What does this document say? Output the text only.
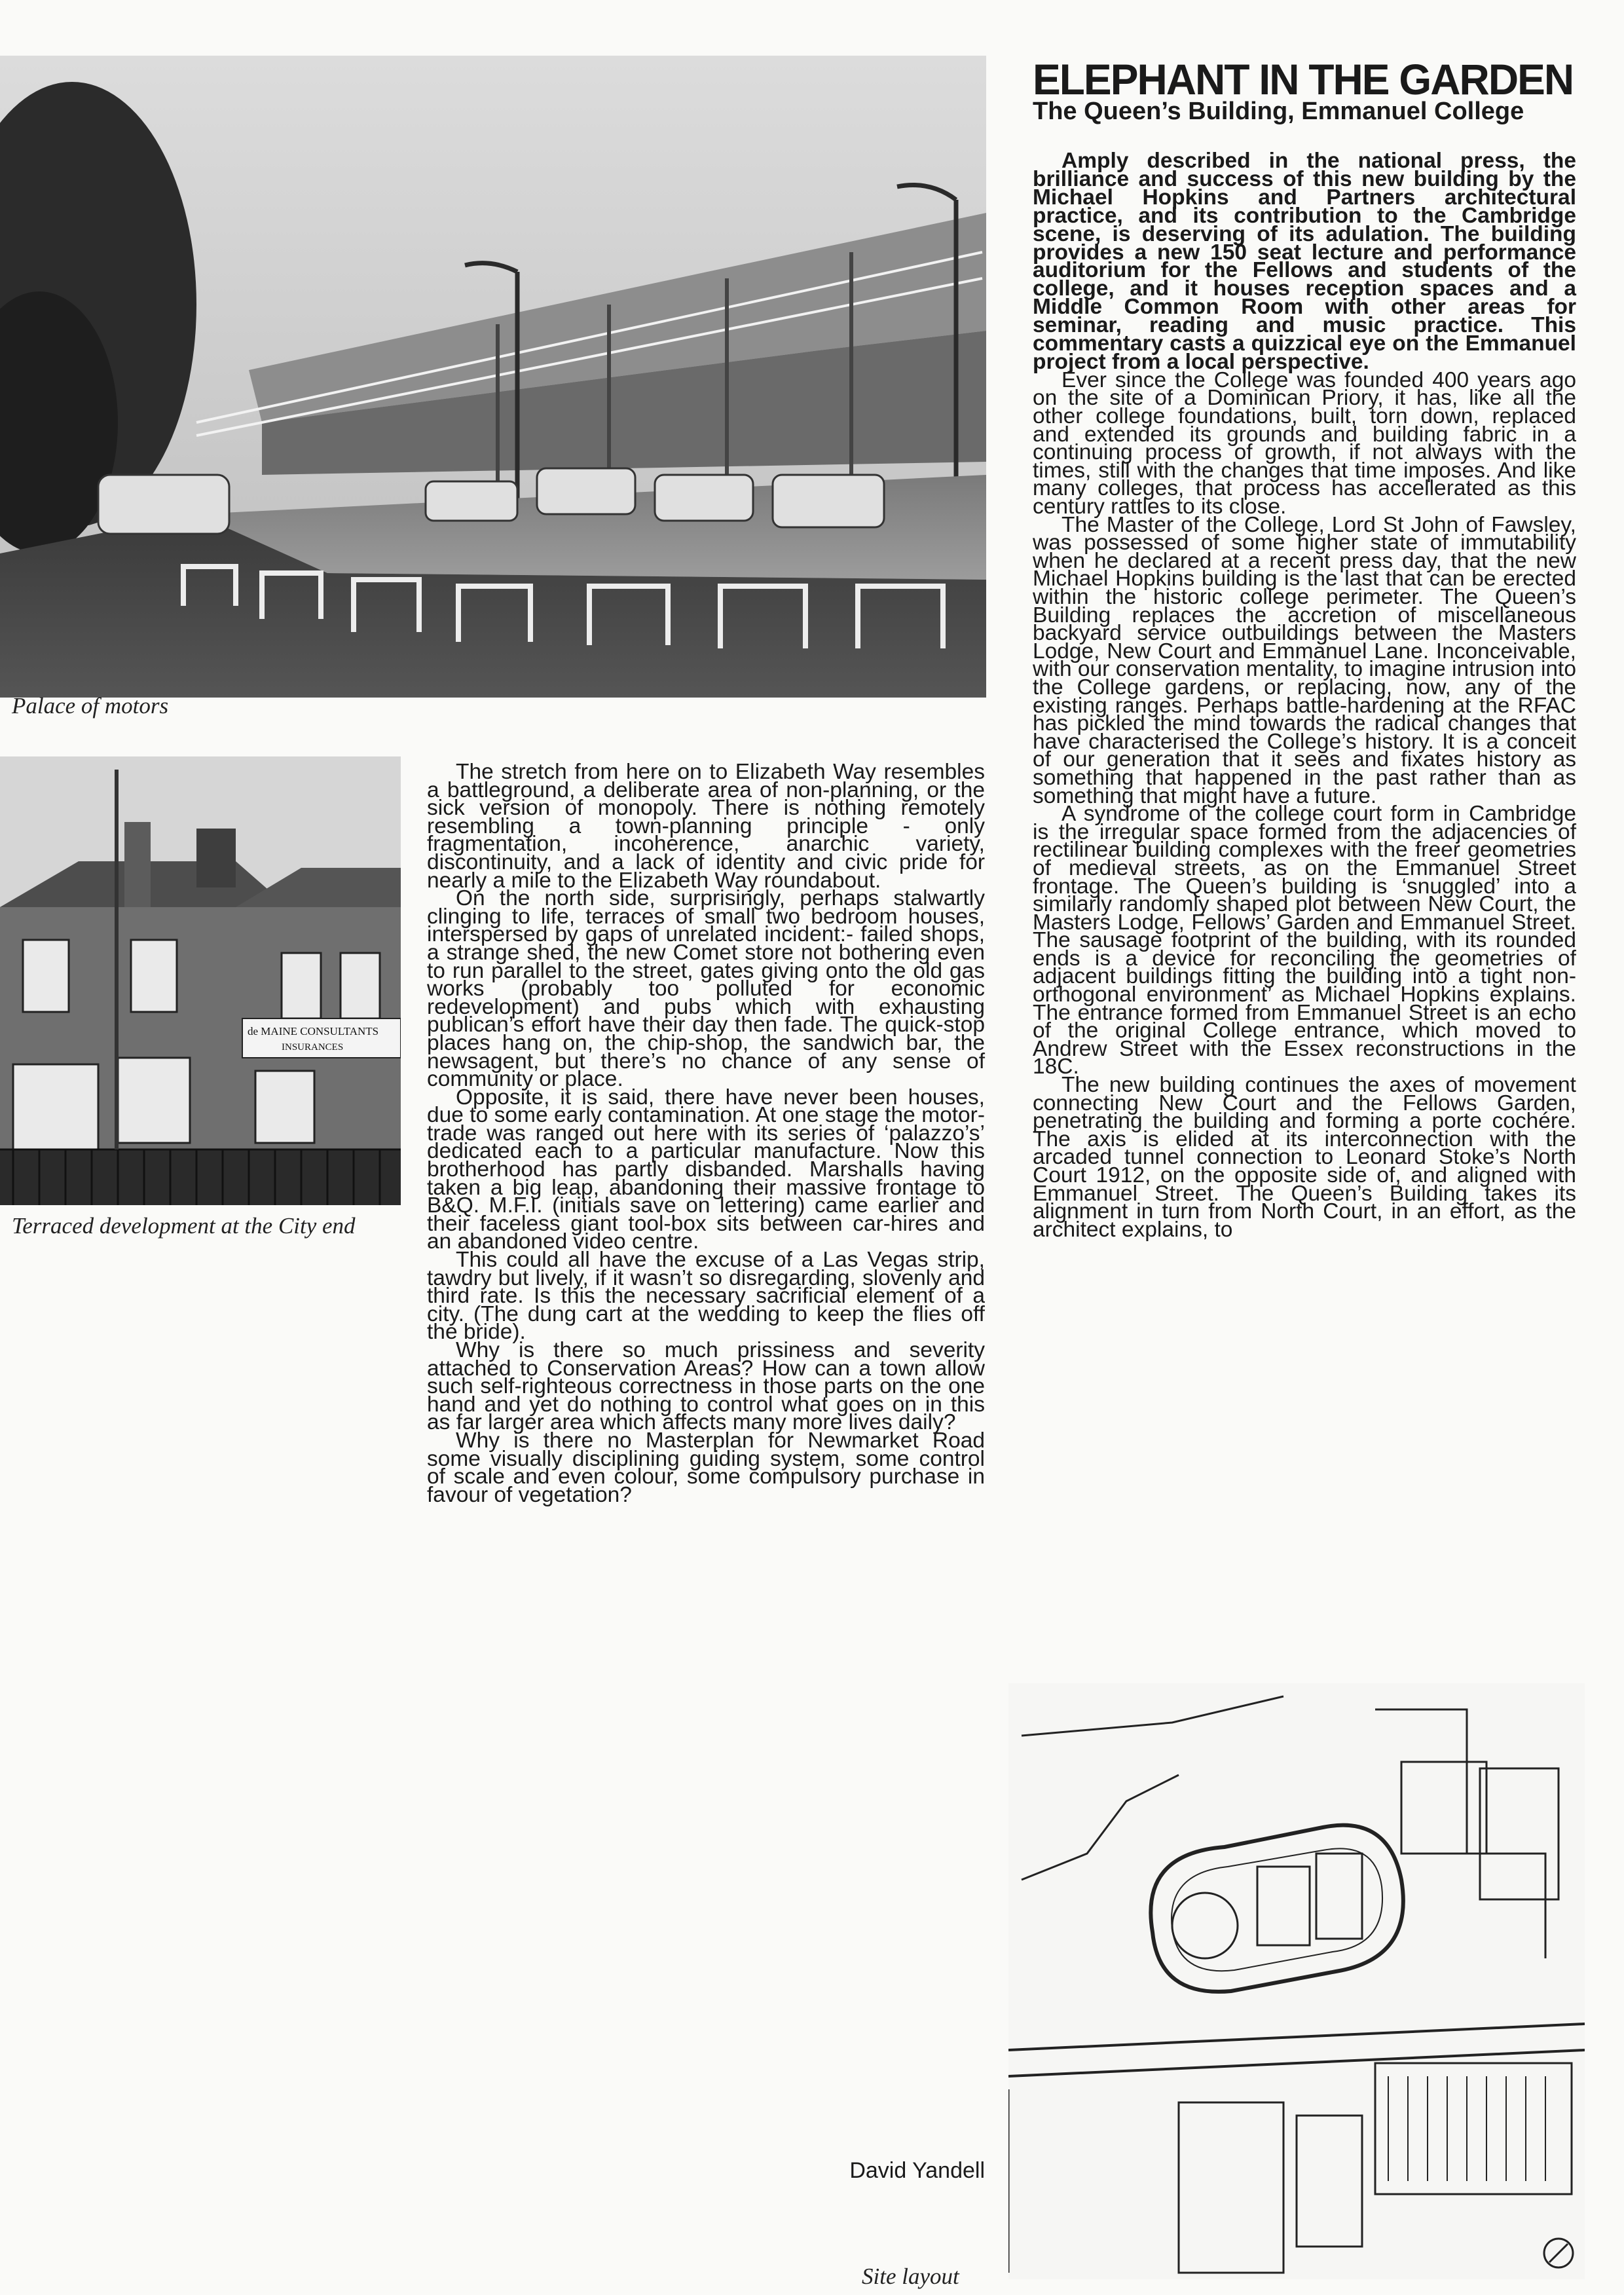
Palace of motors
de MAINE CONSULTANTS
INSURANCES
Terraced development at the City end

The stretch from here on to Elizabeth Way resembles a battleground, a deliberate area of non-planning, or the sick version of monopoly. There is nothing remotely resembling a town-planning principle - only fragmentation, incoherence, anarchic variety, discontinuity, and a lack of identity and civic pride for nearly a mile to the Elizabeth Way roundabout.

On the north side, surprisingly, perhaps stalwartly clinging to life, terraces of small two bedroom houses, interspersed by gaps of unrelated incident:- failed shops, a strange shed, the new Comet store not bothering even to run parallel to the street, gates giving onto the old gas works (probably too polluted for economic redevelopment) and pubs which with exhausting publican’s effort have their day then fade. The quick-stop places hang on, the chip-shop, the sandwich bar, the newsagent, but there’s no chance of any sense of community or place.

Opposite, it is said, there have never been houses, due to some early contamination. At one stage the motor-trade was ranged out here with its series of ‘palazzo’s’ dedicated each to a particular manufacture. Now this brotherhood has partly disbanded. Marshalls having taken a big leap, abandoning their massive frontage to B&Q. M.F.I. (initials save on lettering) came earlier and their faceless giant tool-box sits between car-hires and an abandoned video centre.

This could all have the excuse of a Las Vegas strip, tawdry but lively, if it wasn’t so disregarding, slovenly and third rate. Is this the necessary sacrificial element of a city. (The dung cart at the wedding to keep the flies off the bride).

Why is there so much prissiness and severity attached to Conservation Areas? How can a town allow such self-righteous correctness in those parts on the one hand and yet do nothing to control what goes on in this as far larger area which affects many more lives daily?

Why is there no Masterplan for Newmarket Road some visually disciplining guiding system, some control of scale and even colour, some compulsory purchase in favour of vegetation?

David Yandell
ELEPHANT IN THE GARDEN
The Queen’s Building, Emmanuel College

Amply described in the national press, the brilliance and success of this new building by the Michael Hopkins and Partners architectural practice, and its contribution to the Cambridge scene, is deserving of its adulation. The building provides a new 150 seat lecture and performance auditorium for the Fellows and students of the college, and it houses reception spaces and a Middle Common Room with other areas for seminar, reading and music practice. This commentary casts a quizzical eye on the Emmanuel project from a local perspective.

Ever since the College was founded 400 years ago on the site of a Dominican Priory, it has, like all the other college foundations, built, torn down, replaced and extended its grounds and building fabric in a continuing process of growth, if not always with the times, still with the changes that time imposes. And like many colleges, that process has accellerated as this century rattles to its close.

The Master of the College, Lord St John of Fawsley, was possessed of some higher state of immutability when he declared at a recent press day, that the new Michael Hopkins building is the last that can be erected within the historic college perimeter. The Queen’s Building replaces the accretion of miscellaneous backyard service outbuildings between the Masters Lodge, New Court and Emmanuel Lane. Inconceivable, with our conservation mentality, to imagine intrusion into the College gardens, or replacing, now, any of the existing ranges. Perhaps battle-hardening at the RFAC has pickled the mind towards the radical changes that have characterised the College’s history. It is a conceit of our generation that it sees and fixates history as something that happened in the past rather than as something that might have a future.

A syndrome of the college court form in Cambridge is the irregular space formed from the adjacencies of rectilinear building complexes with the freer geometries of medieval streets, as on the Emmanuel Street frontage. The Queen’s building is ‘snuggled’ into a similarly randomly shaped plot between New Court, the Masters Lodge, Fellows’ Garden and Emmanuel Street. The sausage footprint of the building, with its rounded ends is a device for reconciling the geometries of adjacent buildings fitting the building into a tight non-orthogonal environment’ as Michael Hopkins explains. The entrance formed from Emmanuel Street is an echo of the original College entrance, which moved to Andrew Street with the Essex reconstructions in the 18C.

The new building continues the axes of movement connecting New Court and the Fellows Garden, penetrating the building and forming a porte cochére. The axis is elided at its interconnection with the arcaded tunnel connection to Leonard Stoke’s North Court 1912, on the opposite side of, and aligned with Emmanuel Street. The Queen’s Building takes its alignment in turn from North Court, in an effort, as the architect explains, to

Site layout
